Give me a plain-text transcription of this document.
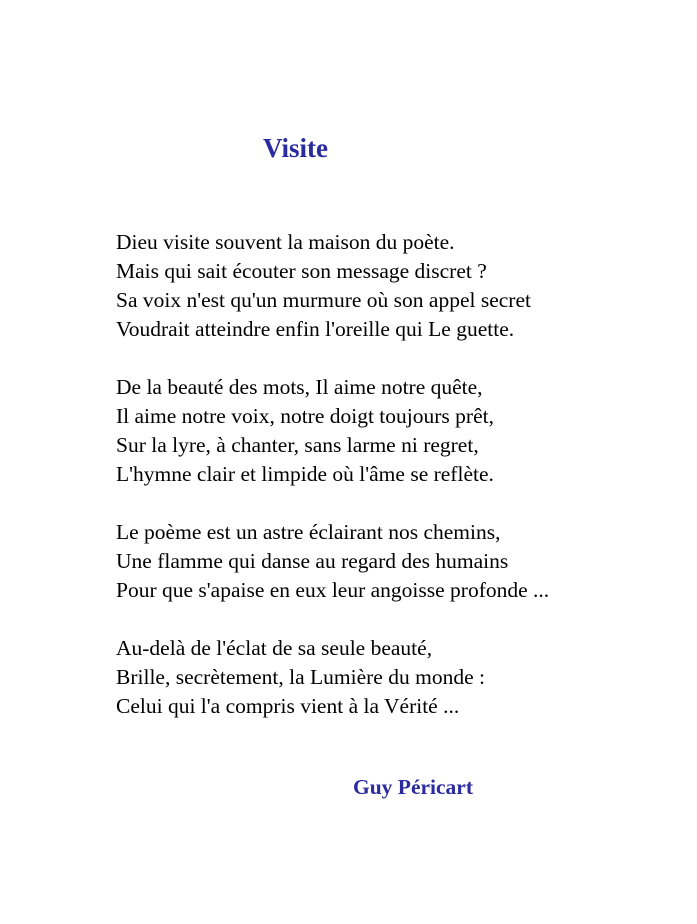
Visite
Dieu visite souvent la maison du poète.
Mais qui sait écouter son message discret ?
Sa voix n'est qu'un murmure où son appel secret
Voudrait atteindre enfin l'oreille qui Le guette.
De la beauté des mots, Il aime notre quête,
Il aime notre voix, notre doigt toujours prêt,
Sur la lyre, à chanter, sans larme ni regret,
L'hymne clair et limpide où l'âme se reflète.
Le poème est un astre éclairant nos chemins,
Une flamme qui danse au regard des humains
Pour que s'apaise en eux leur angoisse profonde ...
Au-delà de l'éclat de sa seule beauté,
Brille, secrètement, la Lumière du monde :
Celui qui l'a compris vient à la Vérité ...
Guy Péricart
